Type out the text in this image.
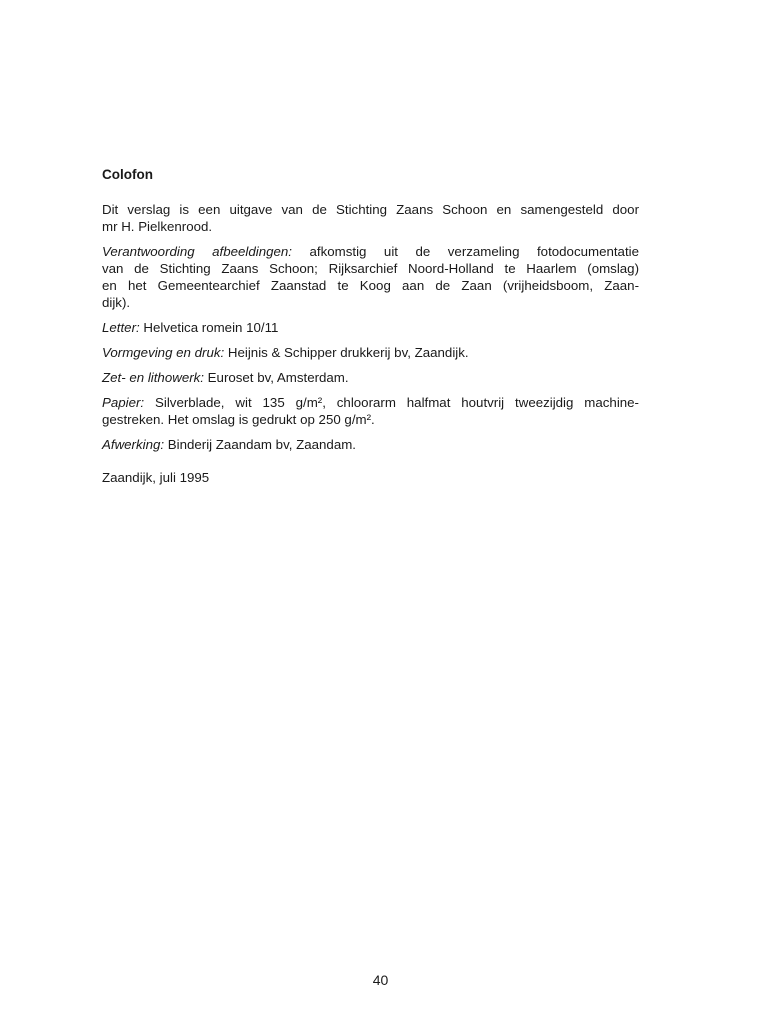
Colofon
Dit verslag is een uitgave van de Stichting Zaans Schoon en samengesteld door
mr H. Pielkenrood.
Verantwoording afbeeldingen: afkomstig uit de verzameling fotodocumentatie
van de Stichting Zaans Schoon; Rijksarchief Noord-Holland te Haarlem (omslag)
en het Gemeentearchief Zaanstad te Koog aan de Zaan (vrijheidsboom, Zaan-
dijk).
Letter: Helvetica romein 10/11
Vormgeving en druk: Heijnis & Schipper drukkerij bv, Zaandijk.
Zet- en lithowerk: Euroset bv, Amsterdam.
Papier: Silverblade, wit 135 g/m², chloorarm halfmat houtvrij tweezijdig machine-
gestreken. Het omslag is gedrukt op 250 g/m².
Afwerking: Binderij Zaandam bv, Zaandam.
Zaandijk, juli 1995
40
